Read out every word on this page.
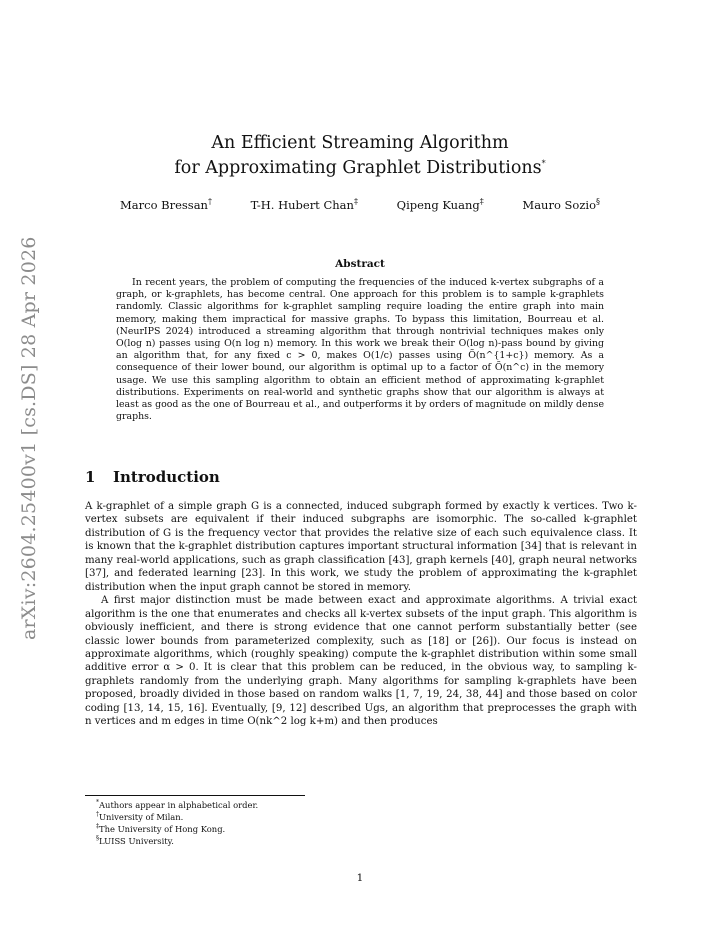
arXiv:2604.25400v1 [cs.DS] 28 Apr 2026
An Efficient Streaming Algorithm
for Approximating Graphlet Distributions*
Marco Bressan†	T-H. Hubert Chan‡	Qipeng Kuang‡	Mauro Sozio§
Abstract

In recent years, the problem of computing the frequencies of the induced k-vertex subgraphs of a graph, or k-graphlets, has become central. One approach for this problem is to sample k-graphlets randomly. Classic algorithms for k-graphlet sampling require loading the entire graph into main memory, making them impractical for massive graphs. To bypass this limitation, Bourreau et al. (NeurIPS 2024) introduced a streaming algorithm that through nontrivial techniques makes only O(log n) passes using O(n log n) memory. In this work we break their O(log n)-pass bound by giving an algorithm that, for any fixed c > 0, makes O(1/c) passes using Õ(n^{1+c}) memory. As a consequence of their lower bound, our algorithm is optimal up to a factor of Õ(n^c) in the memory usage. We use this sampling algorithm to obtain an efficient method of approximating k-graphlet distributions. Experiments on real-world and synthetic graphs show that our algorithm is always at least as good as the one of Bourreau et al., and outperforms it by orders of magnitude on mildly dense graphs.

1 Introduction

A k-graphlet of a simple graph G is a connected, induced subgraph formed by exactly k vertices. Two k-vertex subsets are equivalent if their induced subgraphs are isomorphic. The so-called k-graphlet distribution of G is the frequency vector that provides the relative size of each such equivalence class. It is known that the k-graphlet distribution captures important structural information [34] that is relevant in many real-world applications, such as graph classification [43], graph kernels [40], graph neural networks [37], and federated learning [23]. In this work, we study the problem of approximating the k-graphlet distribution when the input graph cannot be stored in memory.

A first major distinction must be made between exact and approximate algorithms. A trivial exact algorithm is the one that enumerates and checks all k-vertex subsets of the input graph. This algorithm is obviously inefficient, and there is strong evidence that one cannot perform substantially better (see classic lower bounds from parameterized complexity, such as [18] or [26]). Our focus is instead on approximate algorithms, which (roughly speaking) compute the k-graphlet distribution within some small additive error α > 0. It is clear that this problem can be reduced, in the obvious way, to sampling k-graphlets randomly from the underlying graph. Many algorithms for sampling k-graphlets have been proposed, broadly divided in those based on random walks [1, 7, 19, 24, 38, 44] and those based on color coding [13, 14, 15, 16]. Eventually, [9, 12] described Ugs, an algorithm that preprocesses the graph with n vertices and m edges in time O(nk^2 log k+m) and then produces

*Authors appear in alphabetical order.
†University of Milan.
‡The University of Hong Kong.
§LUISS University.
1
